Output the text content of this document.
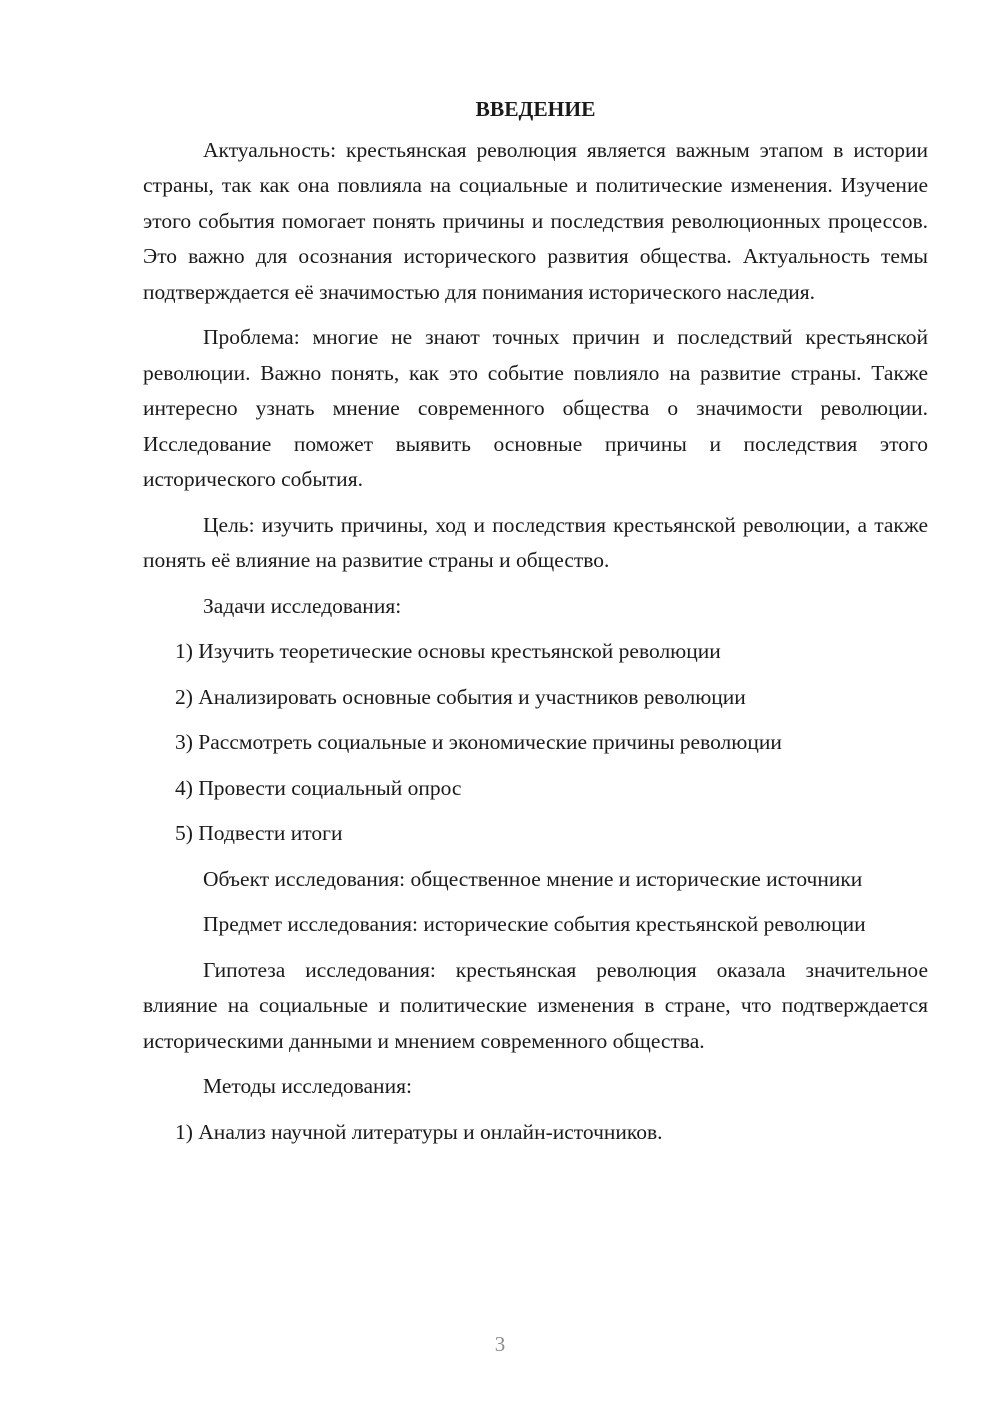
ВВЕДЕНИЕ
Актуальность: крестьянская революция является важным этапом в истории страны, так как она повлияла на социальные и политические изменения. Изучение этого события помогает понять причины и последствия революционных процессов. Это важно для осознания исторического развития общества. Актуальность темы подтверждается её значимостью для понимания исторического наследия.
Проблема: многие не знают точных причин и последствий крестьянской революции. Важно понять, как это событие повлияло на развитие страны. Также интересно узнать мнение современного общества о значимости революции. Исследование поможет выявить основные причины и последствия этого исторического события.
Цель: изучить причины, ход и последствия крестьянской революции, а также понять её влияние на развитие страны и общество.
Задачи исследования:
1) Изучить теоретические основы крестьянской революции
2) Анализировать основные события и участников революции
3) Рассмотреть социальные и экономические причины революции
4) Провести социальный опрос
5) Подвести итоги
Объект исследования: общественное мнение и исторические источники
Предмет исследования: исторические события крестьянской революции
Гипотеза исследования: крестьянская революция оказала значительное влияние на социальные и политические изменения в стране, что подтверждается историческими данными и мнением современного общества.
Методы исследования:
1) Анализ научной литературы и онлайн-источников.
3
